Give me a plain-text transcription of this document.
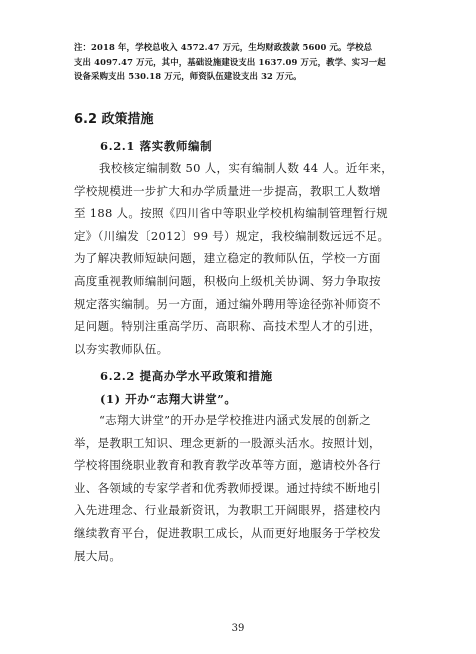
注：2018 年，学校总收入 4572.47 万元，生均财政拨款 5600 元。学校总
支出 4097.47 万元，其中，基础设施建设支出 1637.09 万元，教学、实习一起
设备采购支出 530.18 万元，师资队伍建设支出 32 万元。

6.2 政策措施
6.2.1 落实教师编制

我校核定编制数 50 人，实有编制人数 44 人。近年来，
学校规模进一步扩大和办学质量进一步提高，教职工人数增
至 188 人。按照《四川省中等职业学校机构编制管理暂行规
定》（川编发〔2012〕99 号）规定，我校编制数远远不足。
为了解决教师短缺问题，建立稳定的教师队伍，学校一方面
高度重视教师编制问题，积极向上级机关协调、努力争取按
规定落实编制。另一方面，通过编外聘用等途径弥补师资不
足问题。特别注重高学历、高职称、高技术型人才的引进，
以夯实教师队伍。

6.2.2 提高办学水平政策和措施
(1) 开办“志翔大讲堂”。

“志翔大讲堂”的开办是学校推进内涵式发展的创新之
举，是教职工知识、理念更新的一股源头活水。按照计划，
学校将围绕职业教育和教育教学改革等方面，邀请校外各行
业、各领域的专家学者和优秀教师授课。通过持续不断地引
入先进理念、行业最新资讯，为教职工开阔眼界，搭建校内
继续教育平台，促进教职工成长，从而更好地服务于学校发
展大局。

39
